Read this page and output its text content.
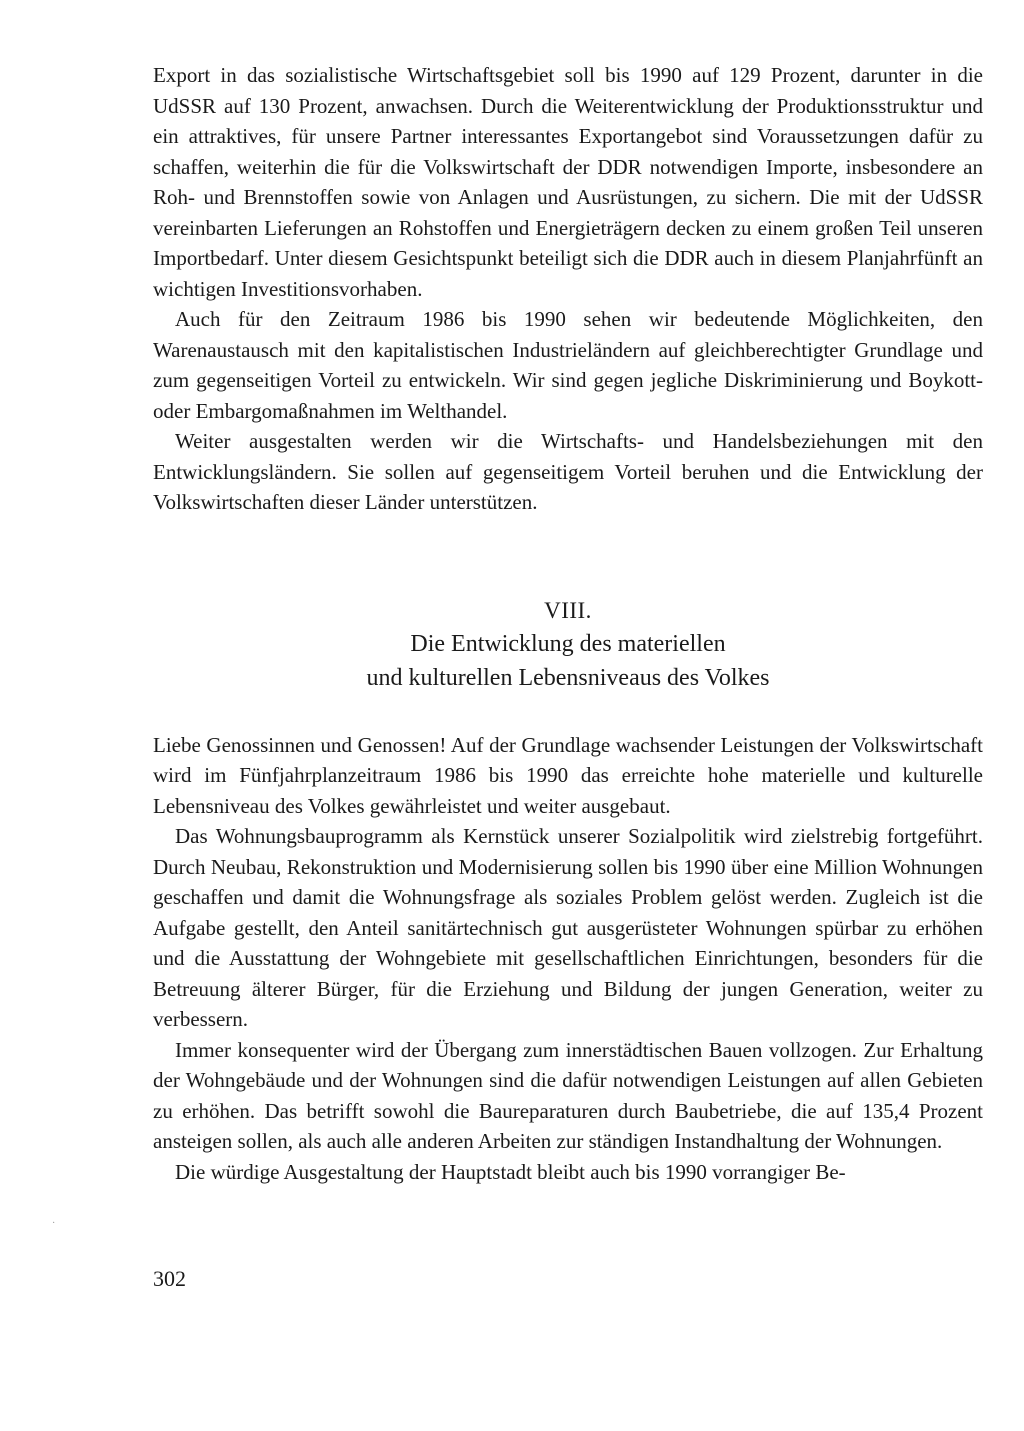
Export in das sozialistische Wirtschaftsgebiet soll bis 1990 auf 129 Prozent, darunter in die UdSSR auf 130 Prozent, anwachsen. Durch die Weiterentwicklung der Produktionsstruktur und ein attraktives, für unsere Partner interessantes Exportangebot sind Voraussetzungen dafür zu schaffen, weiterhin die für die Volkswirtschaft der DDR notwendigen Importe, insbesondere an Roh- und Brennstoffen sowie von Anlagen und Ausrüstungen, zu sichern. Die mit der UdSSR vereinbarten Lieferungen an Rohstoffen und Energieträgern decken zu einem großen Teil unseren Importbedarf. Unter diesem Gesichtspunkt beteiligt sich die DDR auch in diesem Planjahrfünft an wichtigen Investitionsvorhaben.

Auch für den Zeitraum 1986 bis 1990 sehen wir bedeutende Möglichkeiten, den Warenaustausch mit den kapitalistischen Industrieländern auf gleichberechtigter Grundlage und zum gegenseitigen Vorteil zu entwickeln. Wir sind gegen jegliche Diskriminierung und Boykott- oder Embargomaßnahmen im Welthandel.

Weiter ausgestalten werden wir die Wirtschafts- und Handelsbeziehungen mit den Entwicklungsländern. Sie sollen auf gegenseitigem Vorteil beruhen und die Entwicklung der Volkswirtschaften dieser Länder unterstützen.

VIII.

Die Entwicklung des materiellen

und kulturellen Lebensniveaus des Volkes

Liebe Genossinnen und Genossen! Auf der Grundlage wachsender Leistungen der Volkswirtschaft wird im Fünfjahrplanzeitraum 1986 bis 1990 das erreichte hohe materielle und kulturelle Lebensniveau des Volkes gewährleistet und weiter ausgebaut.

Das Wohnungsbauprogramm als Kernstück unserer Sozialpolitik wird zielstrebig fortgeführt. Durch Neubau, Rekonstruktion und Modernisierung sollen bis 1990 über eine Million Wohnungen geschaffen und damit die Wohnungsfrage als soziales Problem gelöst werden. Zugleich ist die Aufgabe gestellt, den Anteil sanitärtechnisch gut ausgerüsteter Wohnungen spürbar zu erhöhen und die Ausstattung der Wohngebiete mit gesellschaftlichen Einrichtungen, besonders für die Betreuung älterer Bürger, für die Erziehung und Bildung der jungen Generation, weiter zu verbessern.

Immer konsequenter wird der Übergang zum innerstädtischen Bauen vollzogen. Zur Erhaltung der Wohngebäude und der Wohnungen sind die dafür notwendigen Leistungen auf allen Gebieten zu erhöhen. Das betrifft sowohl die Baureparaturen durch Baubetriebe, die auf 135,4 Prozent ansteigen sollen, als auch alle anderen Arbeiten zur ständigen Instandhaltung der Wohnungen.

Die würdige Ausgestaltung der Hauptstadt bleibt auch bis 1990 vorrangiger Be-

·

302
